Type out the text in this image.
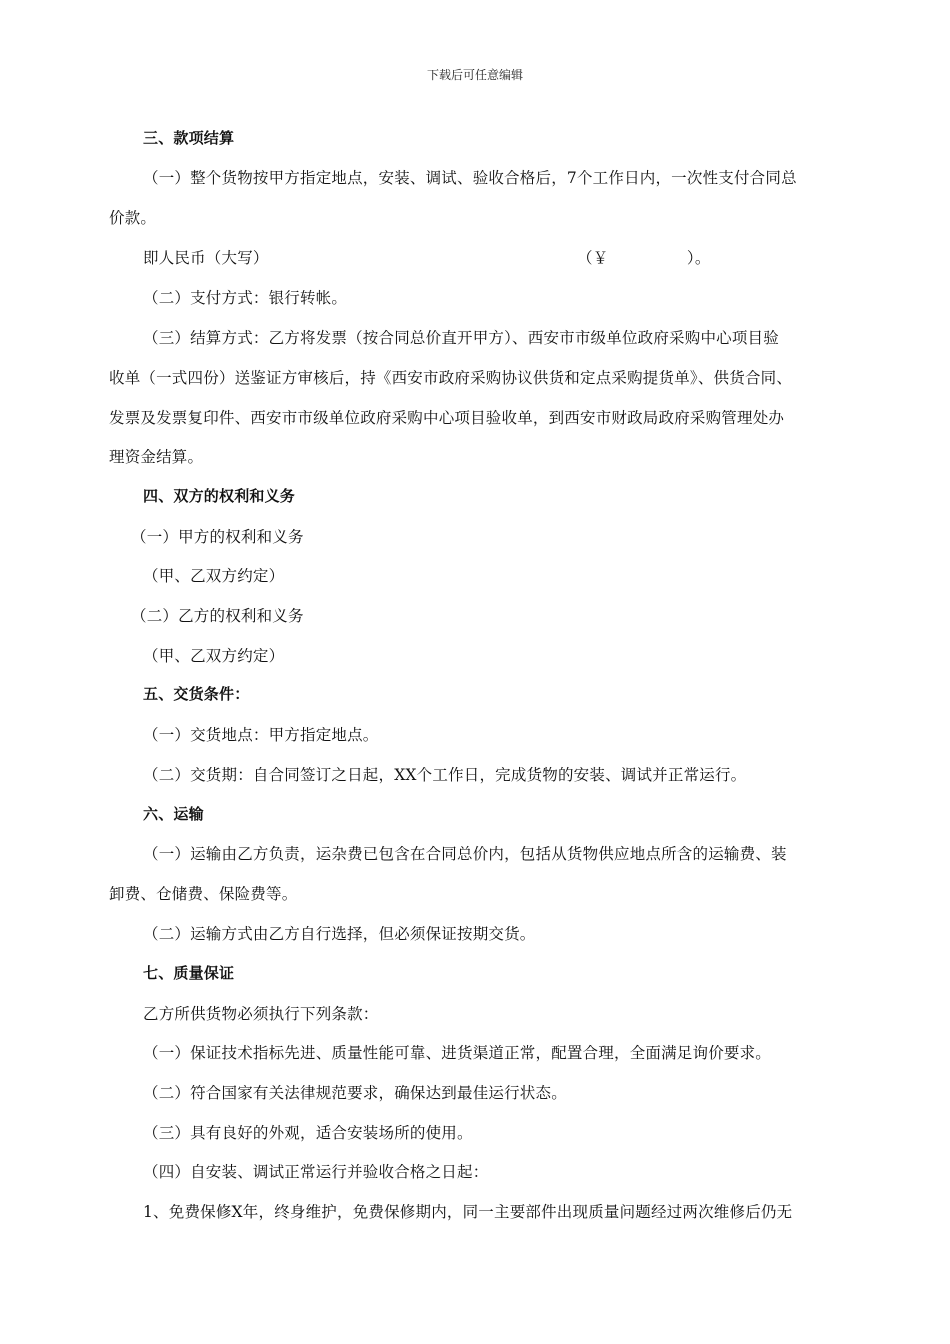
下载后可任意编辑
三、款项结算
（一）整个货物按甲方指定地点，安装、调试、验收合格后，7个工作日内，一次性支付合同总
价款。
即人民币（大写）	（￥　　　　　）。
（二）支付方式：银行转帐。
（三）结算方式：乙方将发票（按合同总价直开甲方）、西安市市级单位政府采购中心项目验
收单（一式四份）送鉴证方审核后，持《西安市政府采购协议供货和定点采购提货单》、供货合同、
发票及发票复印件、西安市市级单位政府采购中心项目验收单，到西安市财政局政府采购管理处办
理资金结算。
四、双方的权利和义务
（一）甲方的权利和义务
（甲、乙双方约定）
（二）乙方的权利和义务
（甲、乙双方约定）
五、交货条件：
（一）交货地点：甲方指定地点。
（二）交货期：自合同签订之日起，XX个工作日，完成货物的安装、调试并正常运行。
六、运输
（一）运输由乙方负责，运杂费已包含在合同总价内，包括从货物供应地点所含的运输费、装
卸费、仓储费、保险费等。
（二）运输方式由乙方自行选择，但必须保证按期交货。
七、质量保证
乙方所供货物必须执行下列条款：
（一）保证技术指标先进、质量性能可靠、进货渠道正常，配置合理，全面满足询价要求。
（二）符合国家有关法律规范要求，确保达到最佳运行状态。
（三）具有良好的外观，适合安装场所的使用。
（四）自安装、调试正常运行并验收合格之日起：
1、免费保修X年，终身维护，免费保修期内，同一主要部件出现质量问题经过两次维修后仍无
